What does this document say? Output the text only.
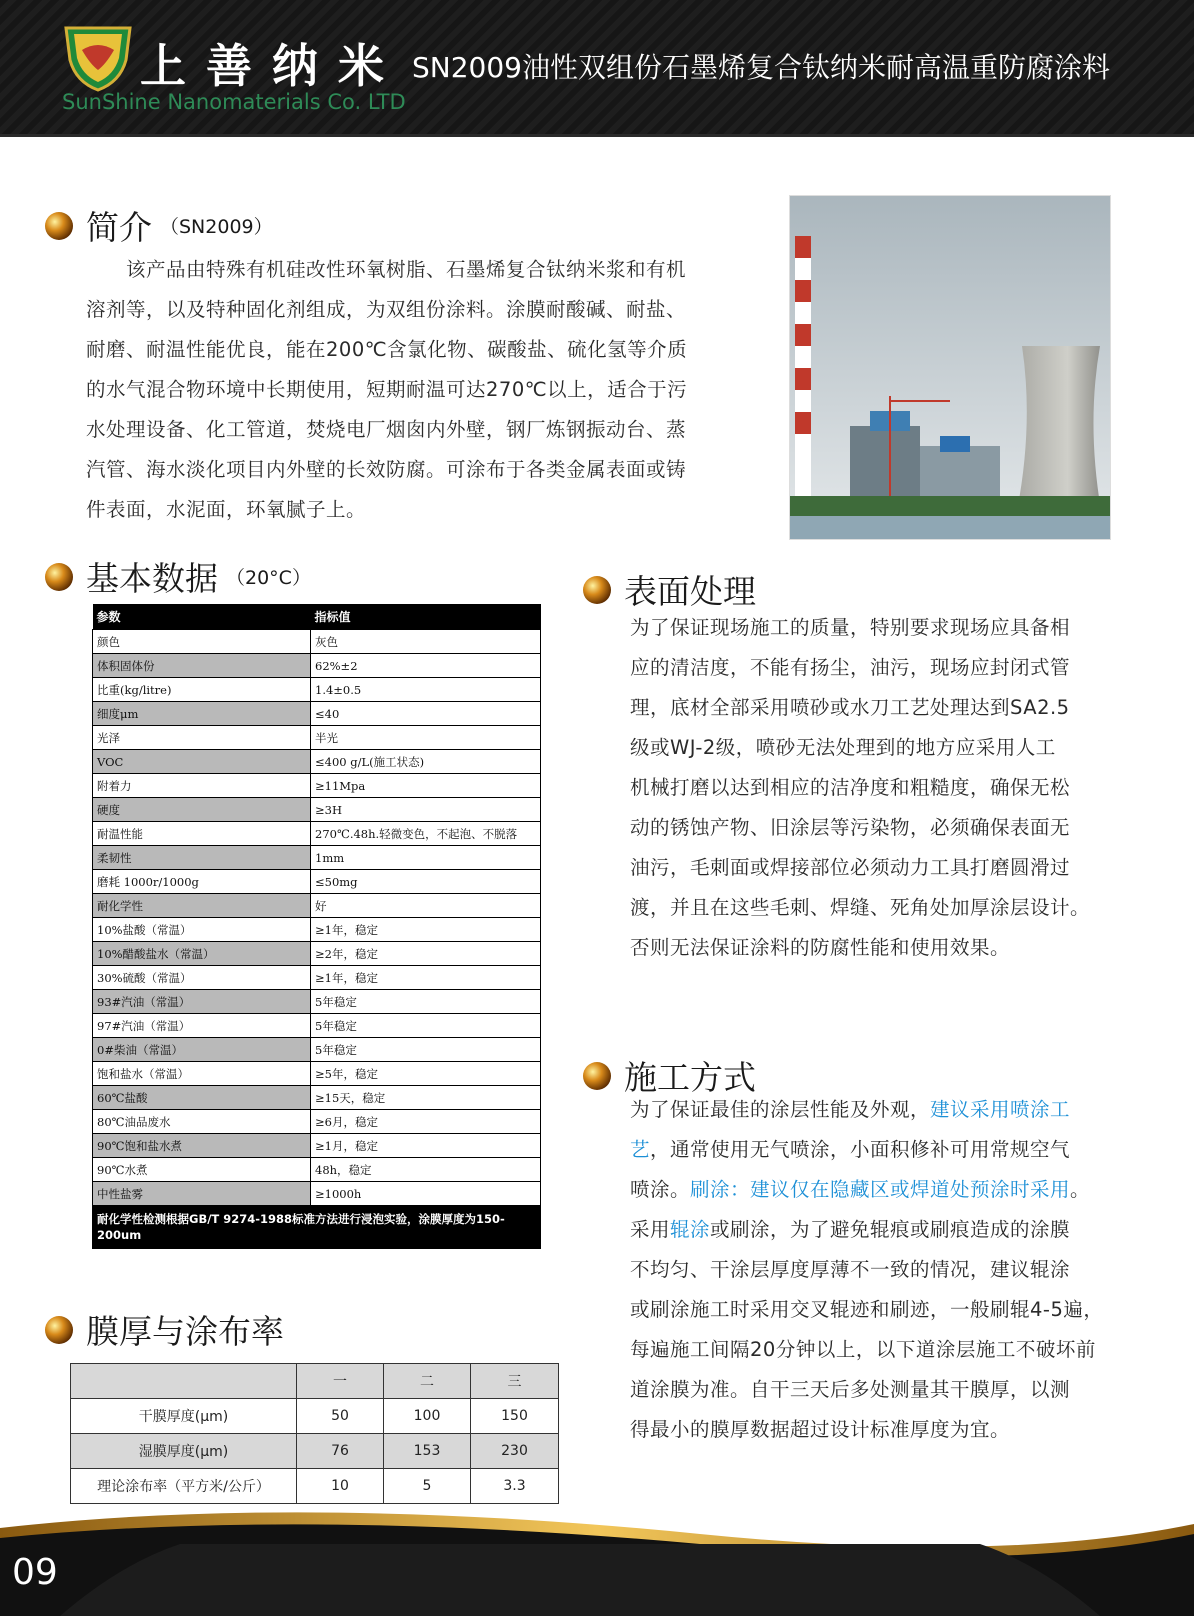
上善纳米
SunShine Nanomaterials Co. LTD
SN2009油性双组份石墨烯复合钛纳米耐高温重防腐涂料
简介 （SN2009）
　　该产品由特殊有机硅改性环氧树脂、石墨烯复合钛纳米浆和有机
溶剂等，以及特种固化剂组成，为双组份涂料。涂膜耐酸碱、耐盐、
耐磨、耐温性能优良，能在200℃含氯化物、碳酸盐、硫化氢等介质
的水气混合物环境中长期使用，短期耐温可达270℃以上，适合于污
水处理设备、化工管道，焚烧电厂烟囱内外壁，钢厂炼钢振动台、蒸
汽管、海水淡化项目内外壁的长效防腐。可涂布于各类金属表面或铸
件表面，水泥面，环氧腻子上。
基本数据 （20°C）
参数	指标值
颜色	灰色
体积固体份	62%±2
比重(kg/litre)	1.4±0.5
细度μm	≤40
光泽	半光
VOC	≤400 g/L(施工状态)
附着力	≥11Mpa
硬度	≥3H
耐温性能	270℃.48h.轻微变色，不起泡、不脱落
柔韧性	1mm
磨耗 1000r/1000g	≤50mg
耐化学性	好
10%盐酸（常温）	≥1年，稳定
10%醋酸盐水（常温）	≥2年，稳定
30%硫酸（常温）	≥1年，稳定
93#汽油（常温）	5年稳定
97#汽油（常温）	5年稳定
0#柴油（常温）	5年稳定
饱和盐水（常温）	≥5年，稳定
60℃盐酸	≥15天，稳定
80℃油品废水	≥6月，稳定
90℃饱和盐水煮	≥1月，稳定
90℃水煮	48h，稳定
中性盐雾	≥1000h
耐化学性检测根据GB/T 9274-1988标准方法进行浸泡实验，涂膜厚度为150-200um	
膜厚与涂布率
	一	二	三
干膜厚度(μm)	50	100	150
湿膜厚度(μm)	76	153	230
理论涂布率（平方米/公斤）	10	5	3.3
表面处理
为了保证现场施工的质量，特别要求现场应具备相
应的清洁度，不能有扬尘，油污，现场应封闭式管
理，底材全部采用喷砂或水刀工艺处理达到SA2.5
级或WJ-2级，喷砂无法处理到的地方应采用人工
机械打磨以达到相应的洁净度和粗糙度，确保无松
动的锈蚀产物、旧涂层等污染物，必须确保表面无
油污，毛刺面或焊接部位必须动力工具打磨圆滑过
渡，并且在这些毛刺、焊缝、死角处加厚涂层设计。
否则无法保证涂料的防腐性能和使用效果。
施工方式
为了保证最佳的涂层性能及外观，建议采用喷涂工
艺，通常使用无气喷涂，小面积修补可用常规空气
喷涂。刷涂：建议仅在隐藏区或焊道处预涂时采用。
采用辊涂或刷涂，为了避免辊痕或刷痕造成的涂膜
不均匀、干涂层厚度厚薄不一致的情况，建议辊涂
或刷涂施工时采用交叉辊迹和刷迹，一般刷辊4-5遍，
每遍施工间隔20分钟以上，以下道涂层施工不破坏前
道涂膜为准。自干三天后多处测量其干膜厚，以测
得最小的膜厚数据超过设计标准厚度为宜。
09
